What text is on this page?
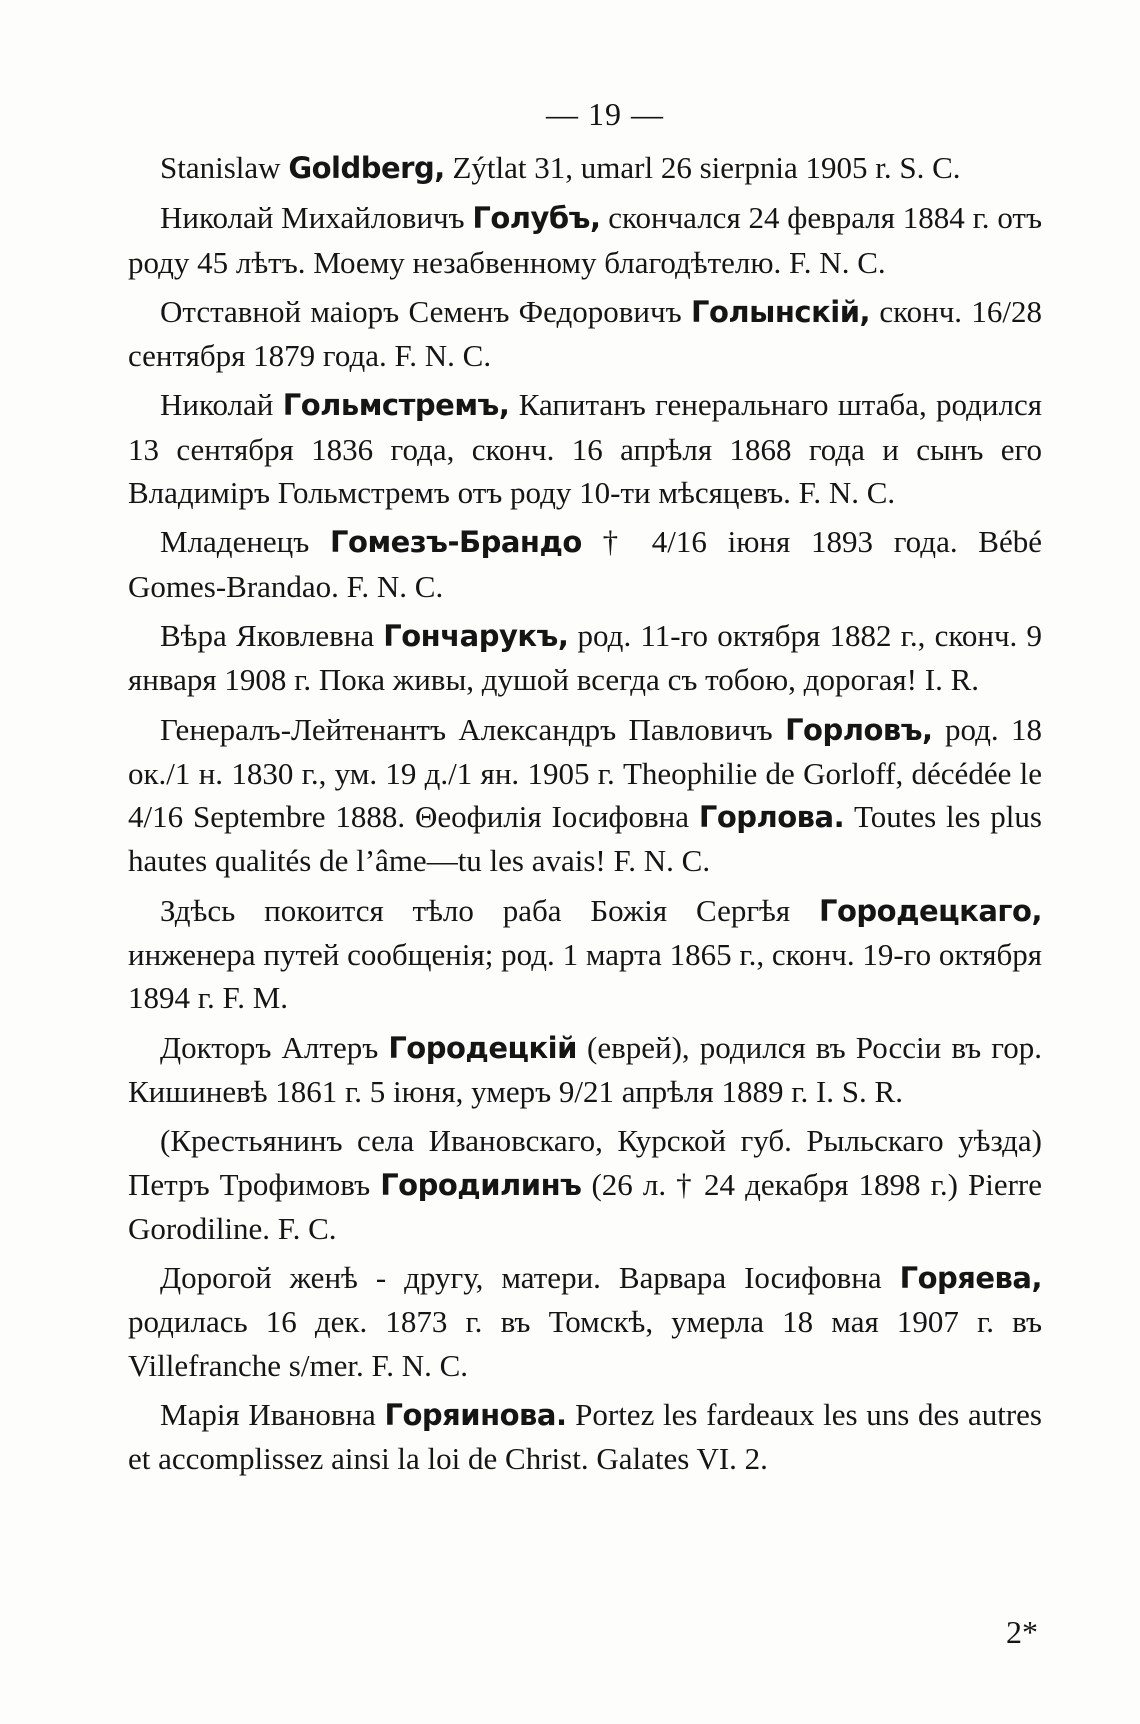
— 19 —

Stanislaw Goldberg, Zýtlat 31, umarl 26 sierpnia 1905 r. S. C.

Николай Михайловичъ Голубъ, скончался 24 февраля 1884 г. отъ роду 45 лѣтъ. Моему незабвенному благодѣтелю. F. N. C.

Отставной маіоръ Семенъ Федоровичъ Голынскій, сконч. 16/28 сентября 1879 года. F. N. C.

Николай Гольмстремъ, Капитанъ генеральнаго штаба, родился 13 сентября 1836 года, сконч. 16 апрѣля 1868 года и сынъ его Владиміръ Гольмстремъ отъ роду 10-ти мѣсяцевъ. F. N. C.

Младенецъ Гомезъ-Брандо † 4/16 іюня 1893 года. Bébé Gomes-Brandao. F. N. C.

Вѣра Яковлевна Гончарукъ, род. 11-го октября 1882 г., сконч. 9 января 1908 г. Пока живы, душой всегда съ тобою, дорогая! I. R.

Генералъ-Лейтенантъ Александръ Павловичъ Горловъ, род. 18 ок./1 н. 1830 г., ум. 19 д./1 ян. 1905 г. Theophilie de Gorloff, décédée le 4/16 Septembre 1888. Θеофилія Іосифовна Горлова. Toutes les plus hautes qualités de l’âme—tu les avais! F. N. C.

Здѣсь покоится тѣло раба Божія Сергѣя Городецкаго, инженера путей сообщенія; род. 1 марта 1865 г., сконч. 19-го октября 1894 г. F. M.

Докторъ Алтеръ Городецкій (еврей), родился въ Россіи въ гор. Кишиневѣ 1861 г. 5 іюня, умеръ 9/21 апрѣля 1889 г. I. S. R.

(Крестьянинъ села Ивановскаго, Курской губ. Рыльскаго уѣзда) Петръ Трофимовъ Городилинъ (26 л. † 24 декабря 1898 г.) Pierre Gorodiline. F. C.

Дорогой женѣ - другу, матери. Варвара Іосифовна Горяева, родилась 16 дек. 1873 г. въ Томскѣ, умерла 18 мая 1907 г. въ Villefranche s/mer. F. N. C.

Марія Ивановна Горяинова. Portez les fardeaux les uns des autres et accomplissez ainsi la loi de Christ. Galates VI. 2.

2*
